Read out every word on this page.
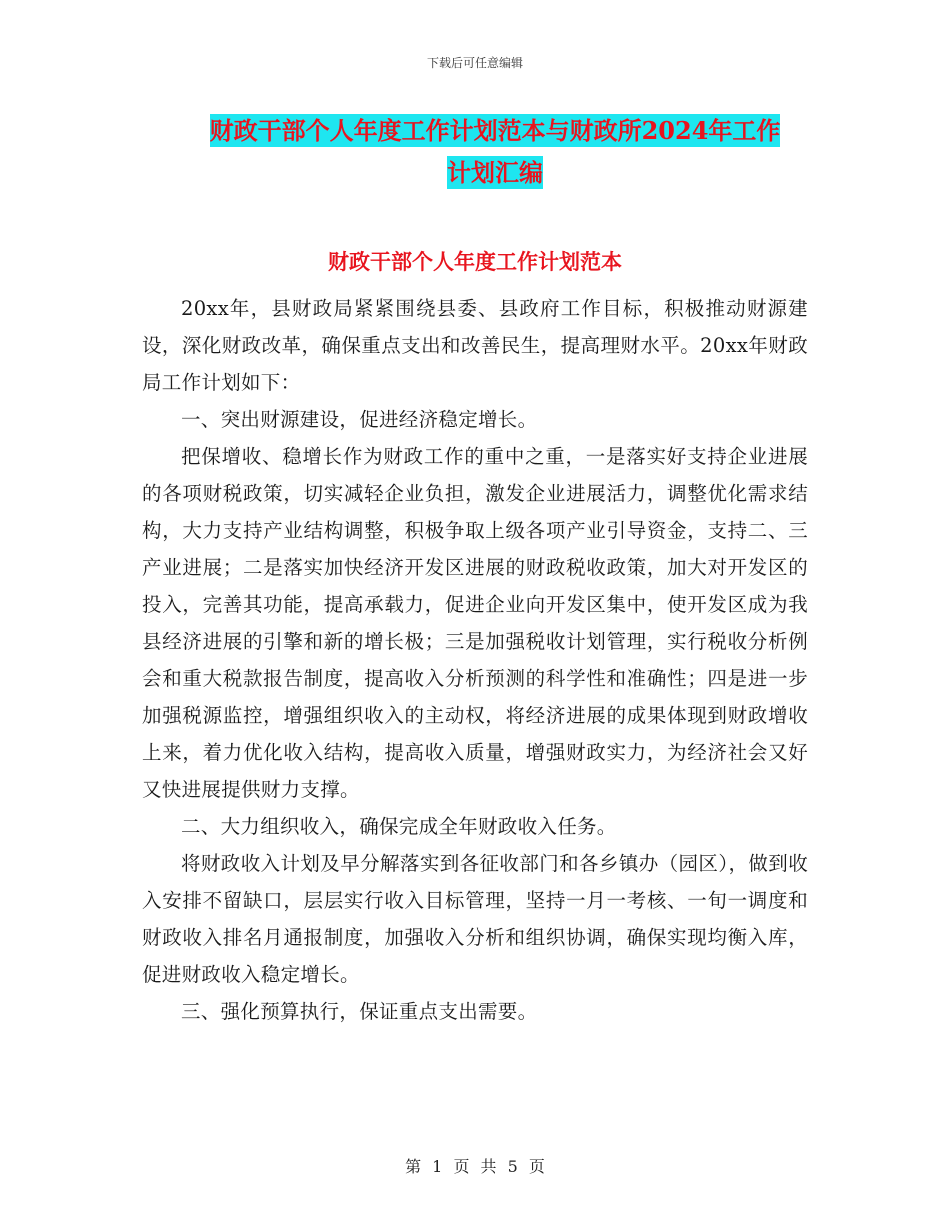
下载后可任意编辑
财政干部个人年度工作计划范本与财政所2024年工作
计划汇编
财政干部个人年度工作计划范本

20xx年，县财政局紧紧围绕县委、县政府工作目标，积极推动财源建设，深化财政改革，确保重点支出和改善民生，提高理财水平。20xx年财政局工作计划如下：

一、突出财源建设，促进经济稳定增长。

把保增收、稳增长作为财政工作的重中之重，一是落实好支持企业进展的各项财税政策，切实减轻企业负担，激发企业进展活力，调整优化需求结构，大力支持产业结构调整，积极争取上级各项产业引导资金，支持二、三产业进展；二是落实加快经济开发区进展的财政税收政策，加大对开发区的投入，完善其功能，提高承载力，促进企业向开发区集中，使开发区成为我县经济进展的引擎和新的增长极；三是加强税收计划管理，实行税收分析例会和重大税款报告制度，提高收入分析预测的科学性和准确性；四是进一步加强税源监控，增强组织收入的主动权，将经济进展的成果体现到财政增收上来，着力优化收入结构，提高收入质量，增强财政实力，为经济社会又好又快进展提供财力支撑。

二、大力组织收入，确保完成全年财政收入任务。

将财政收入计划及早分解落实到各征收部门和各乡镇办（园区），做到收入安排不留缺口，层层实行收入目标管理，坚持一月一考核、一旬一调度和财政收入排名月通报制度，加强收入分析和组织协调，确保实现均衡入库，促进财政收入稳定增长。

三、强化预算执行，保证重点支出需要。

第 1 页 共 5 页
